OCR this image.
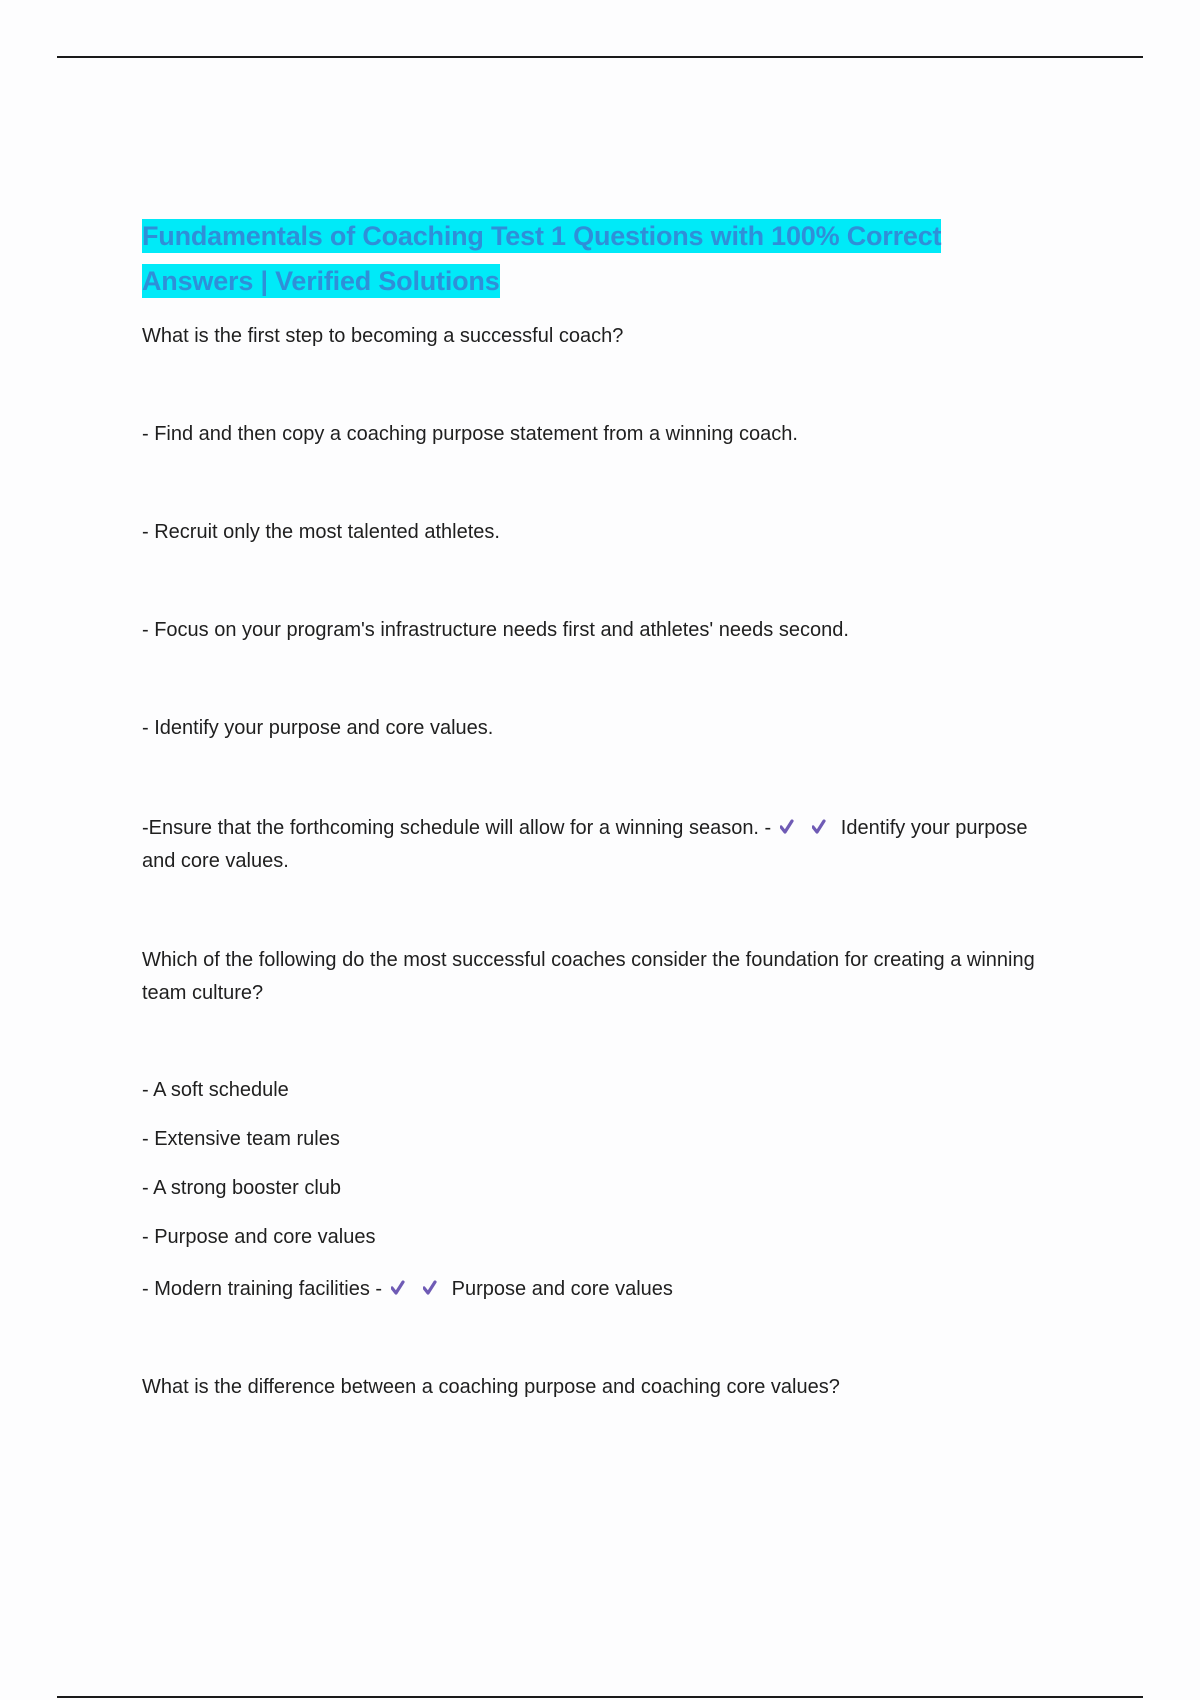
Fundamentals of Coaching Test 1 Questions with 100% Correct Answers | Verified Solutions

What is the first step to becoming a successful coach?

- Find and then copy a coaching purpose statement from a winning coach.

- Recruit only the most talented athletes.

- Focus on your program's infrastructure needs first and athletes' needs second.

- Identify your purpose and core values.

-Ensure that the forthcoming schedule will allow for a winning season. -	Identify your purpose and core values.

Which of the following do the most successful coaches consider the foundation for creating a winning team culture?

- A soft schedule

- Extensive team rules

- A strong booster club

- Purpose and core values

- Modern training facilities -	Purpose and core values

What is the difference between a coaching purpose and coaching core values?
